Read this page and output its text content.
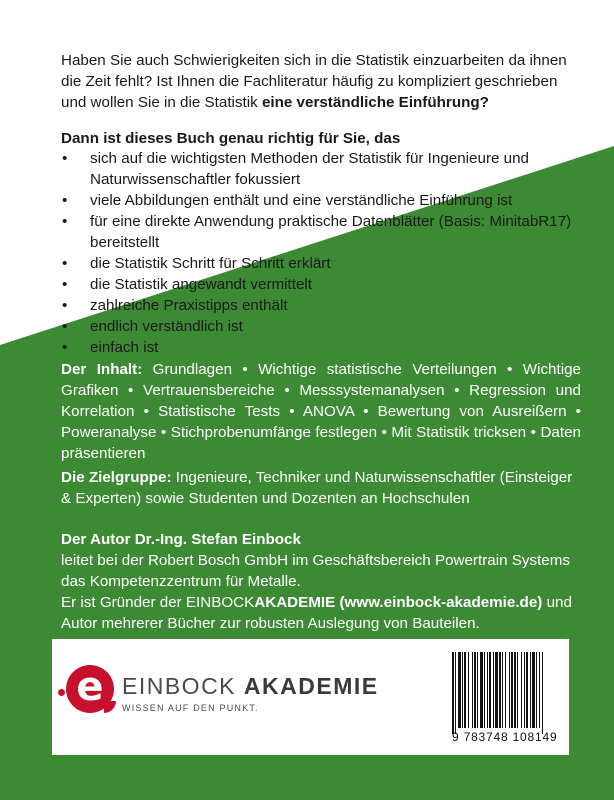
Haben Sie auch Schwierigkeiten sich in die Statistik einzuarbeiten da ihnen die Zeit fehlt? Ist Ihnen die Fachliteratur häufig zu kompliziert geschrieben und wollen Sie in die Statistik eine verständliche Einführung?
Dann ist dieses Buch genau richtig für Sie, das
• sich auf die wichtigsten Methoden der Statistik für Ingenieure und Naturwissenschaftler fokussiert
• viele Abbildungen enthält und eine verständliche Einführung ist
• für eine direkte Anwendung praktische Datenblätter (Basis: MinitabR17) bereitstellt
• die Statistik Schritt für Schritt erklärt
• die Statistik angewandt vermittelt
• zahlreiche Praxistipps enthält
• endlich verständlich ist
• einfach ist
Der Inhalt: Grundlagen • Wichtige statistische Verteilungen • Wichtige Grafiken • Vertrauensbereiche • Messsystemanalysen • Regression und Korrelation • Statistische Tests • ANOVA • Bewertung von Ausreißern • Poweranalyse • Stichprobenumfänge festlegen • Mit Statistik tricksen • Daten präsentieren
Die Zielgruppe: Ingenieure, Techniker und Naturwissenschaftler (Einsteiger & Experten) sowie Studenten und Dozenten an Hochschulen
Der Autor Dr.-Ing. Stefan Einbock
leitet bei der Robert Bosch GmbH im Geschäftsbereich Powertrain Systems das Kompetenzzentrum für Metalle.
Er ist Gründer der EINBOCKAKADEMIE (www.einbock-akademie.de) und Autor mehrerer Bücher zur robusten Auslegung von Bauteilen.
e EINBOCK AKADEMIE
WISSEN AUF DEN PUNKT.
9 783748 108149
